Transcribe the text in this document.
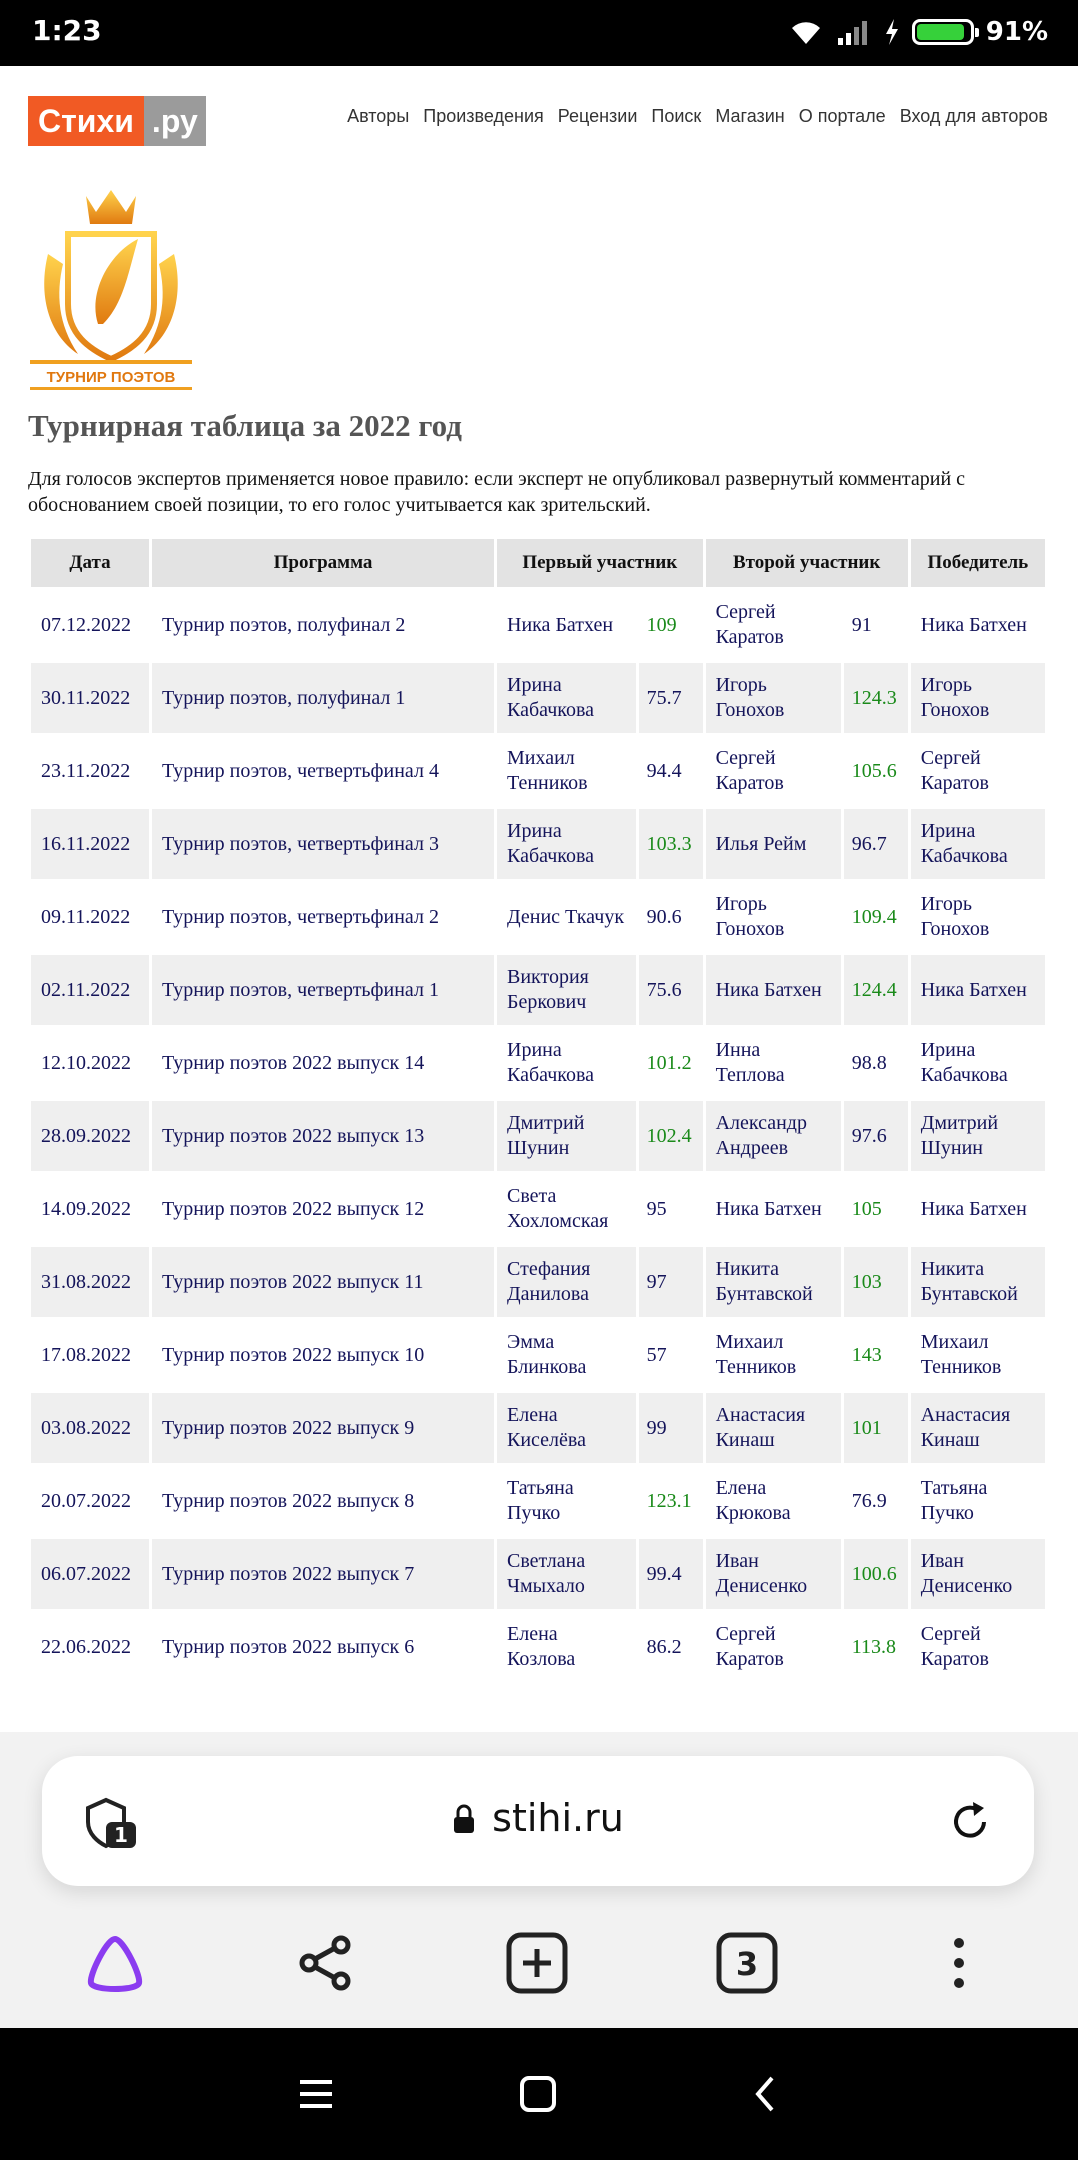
1:23	91%
Стихи .ру	Авторы Произведения Рецензии Поиск Магазин О портале Вход для авторов
ТУРНИР ПОЭТОВ
Турнирная таблица за 2022 год
Для голосов экспертов применяется новое правило: если эксперт не опубликовал развернутый комментарий с обоснованием своей позиции, то его голос учитывается как зрительский.
Дата	Программа	Первый участник		Второй участник		Победитель
07.12.2022	Турнир поэтов, полуфинал 2	Ника Батхен	109	Сергей Каратов	91	Ника Батхен
30.11.2022	Турнир поэтов, полуфинал 1	Ирина Кабачкова	75.7	Игорь Гонохов	124.3	Игорь Гонохов
23.11.2022	Турнир поэтов, четвертьфинал 4	Михаил Тенников	94.4	Сергей Каратов	105.6	Сергей Каратов
16.11.2022	Турнир поэтов, четвертьфинал 3	Ирина Кабачкова	103.3	Илья Рейм	96.7	Ирина Кабачкова
09.11.2022	Турнир поэтов, четвертьфинал 2	Денис Ткачук	90.6	Игорь Гонохов	109.4	Игорь Гонохов
02.11.2022	Турнир поэтов, четвертьфинал 1	Виктория Беркович	75.6	Ника Батхен	124.4	Ника Батхен
12.10.2022	Турнир поэтов 2022 выпуск 14	Ирина Кабачкова	101.2	Инна Теплова	98.8	Ирина Кабачкова
28.09.2022	Турнир поэтов 2022 выпуск 13	Дмитрий Шунин	102.4	Александр Андреев	97.6	Дмитрий Шунин
14.09.2022	Турнир поэтов 2022 выпуск 12	Света Хохломская	95	Ника Батхен	105	Ника Батхен
31.08.2022	Турнир поэтов 2022 выпуск 11	Стефания Данилова	97	Никита Бунтавской	103	Никита Бунтавской
17.08.2022	Турнир поэтов 2022 выпуск 10	Эмма Блинкова	57	Михаил Тенников	143	Михаил Тенников
03.08.2022	Турнир поэтов 2022 выпуск 9	Елена Киселёва	99	Анастасия Кинаш	101	Анастасия Кинаш
20.07.2022	Турнир поэтов 2022 выпуск 8	Татьяна Пучко	123.1	Елена Крюкова	76.9	Татьяна Пучко
06.07.2022	Турнир поэтов 2022 выпуск 7	Светлана Чмыхало	99.4	Иван Денисенко	100.6	Иван Денисенко
22.06.2022	Турнир поэтов 2022 выпуск 6	Елена Козлова	86.2	Сергей Каратов	113.8	Сергей Каратов
1	stihi.ru
3
